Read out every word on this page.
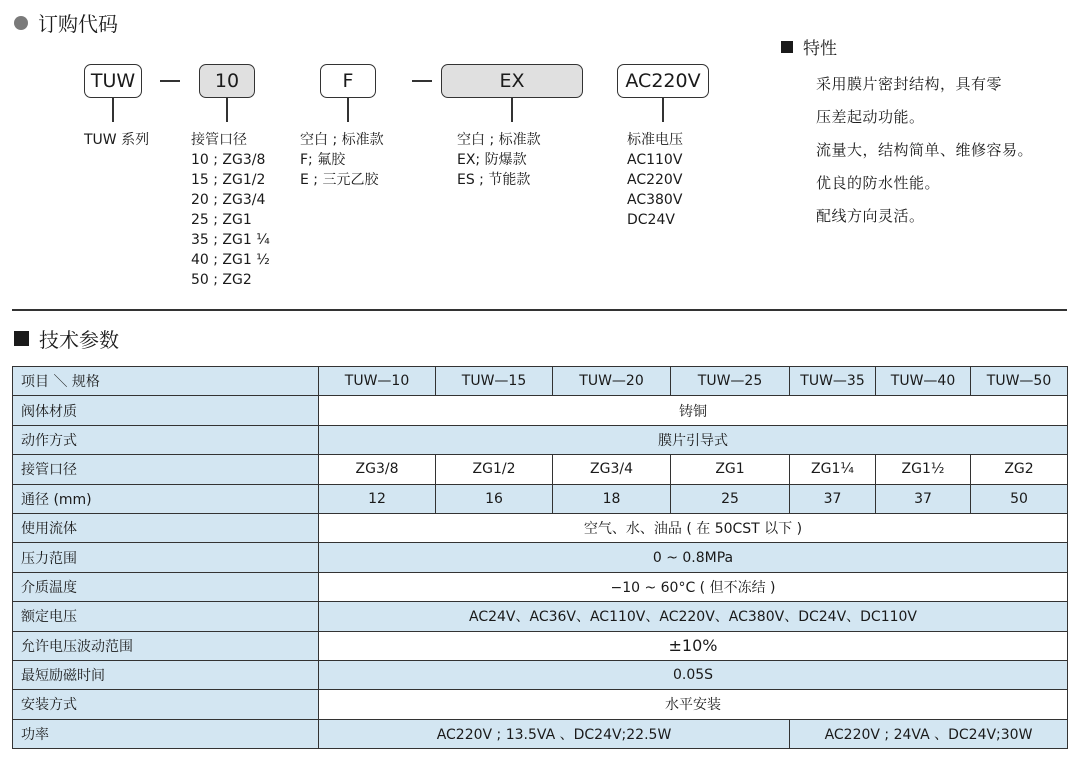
订购代码
TUW	10	F	EX	AC220V
TUW 系列	接管口径
10 ; ZG3/8
15 ; ZG1/2
20 ; ZG3/4
25 ; ZG1
35 ; ZG1 ¼
40 ; ZG1 ½
50 ; ZG2
空白 ; 标准款
F; 氟胶
E ; 三元乙胶
空白 ; 标准款
EX; 防爆款
ES ; 节能款
标准电压
AC110V
AC220V
AC380V
DC24V
特性
采用膜片密封结构，具有零
压差起动功能。
流量大，结构简单、维修容易。
优良的防水性能。
配线方向灵活。
技术参数
项目 ＼ 规格	TUW—10	TUW—15	TUW—20	TUW—25	TUW—35	TUW—40	TUW—50
阀体材质	铸铜						
动作方式	膜片引导式						
接管口径	ZG3/8	ZG1/2	ZG3/4	ZG1	ZG1¼	ZG1½	ZG2
通径 (mm)	12	16	18	25	37	37	50
使用流体	空气、水、油品 ( 在 50CST 以下 )						
压力范围	0 ~ 0.8MPa						
介质温度	−10 ~ 60°C ( 但不冻结 )						
额定电压	AC24V、AC36V、AC110V、AC220V、AC380V、DC24V、DC110V						
允许电压波动范围	±10%						
最短励磁时间	0.05S						
安装方式	水平安装						
功率	AC220V ; 13.5VA 、DC24V;22.5W				AC220V ; 24VA 、DC24V;30W		
